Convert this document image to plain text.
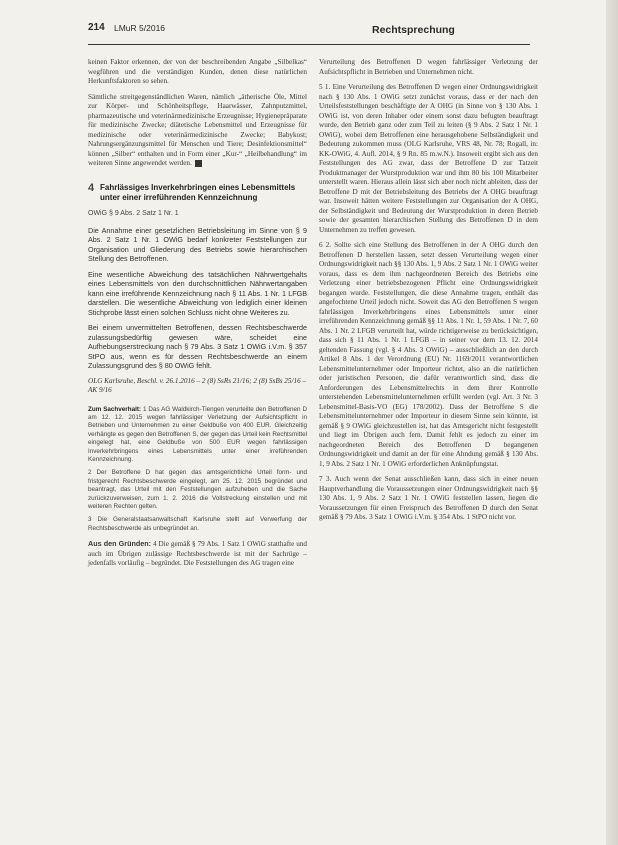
214 LMuR 5/2016	Rechtsprechung

keinen Faktor erkennen, der von der beschreibenden Angabe „Silbelkas“ wegführen und die verständigen Kunden, denen diese natürlichen Herkunftsfaktoren so sehen.

Sämtliche streitgegenständlichen Waren, nämlich „ätherische Öle, Mittel zur Körper- und Schönheitspflege, Haarwässer, Zahnputzmittel, pharmazeutische und veterinärmedizinische Erzeugnisse; Hygienepräparate für medizinische Zwecke; diätetische Lebensmittel und Erzeugnisse für medizinische oder veterinärmedizinische Zwecke; Babykost; Nahrungsergänzungsmittel für Menschen und Tiere; Desinfektionsmittel“ können „Silber“ enthalten und in Form einer „Kur-“ „Heilbehandlung“ im weiteren Sinne angewendet werden.

4 Fahrlässiges Inverkehrbringen eines Lebensmittels unter einer irreführenden Kennzeichnung
OWiG § 9 Abs. 2 Satz 1 Nr. 1
Die Annahme einer gesetzlichen Betriebsleitung im Sinne von § 9 Abs. 2 Satz 1 Nr. 1 OWiG bedarf konkreter Feststellungen zur Organisation und Gliederung des Betriebs sowie hierarchischen Stellung des Betroffenen.
Eine wesentliche Abweichung des tatsächlichen Nährwertgehalts eines Lebensmittels von den durchschnittlichen Nährwertangaben kann eine irreführende Kennzeichnung nach § 11 Abs. 1 Nr. 1 LFGB darstellen. Die wesentliche Abweichung von lediglich einer kleinen Stichprobe lässt einen solchen Schluss nicht ohne Weiteres zu.
Bei einem unvermittelten Betroffenen, dessen Rechtsbeschwerde zulassungsbedürftig gewesen wäre, scheidet eine Aufhebungserstreckung nach § 79 Abs. 3 Satz 1 OWiG i.V.m. § 357 StPO aus, wenn es für dessen Rechtsbeschwerde an einem Zulassungsgrund des § 80 OWiG fehlt.
OLG Karlsruhe, Beschl. v. 26.1.2016 – 2 (8) SsRs 21/16; 2 (8) SsBs 25/16 – AK 9/16
Zum Sachverhalt: 1 Das AG Waldkirch-Tiengen verurteilte den Betroffenen D am 12. 12. 2015 wegen fahrlässiger Verletzung der Aufsichtspflicht in Betrieben und Unternehmen zu einer Geldbuße von 400 EUR. Gleichzeitig verhängte es gegen den Betroffenen S, der gegen das Urteil kein Rechtsmittel eingelegt hat, eine Geldbuße von 500 EUR wegen fahrlässigen Inverkehrbringens eines Lebensmittels unter einer irreführenden Kennzeichnung.
2 Der Betroffene D hat gegen das amtsgerichtliche Urteil form- und fristgerecht Rechtsbeschwerde eingelegt, am 25. 12. 2015 begründet und beantragt, das Urteil mit den Feststellungen aufzuheben und die Sache zurückzuverweisen, zum 1. 2. 2016 die Vollstreckung einstellen und mit weiteren Rechten gelten.
3 Die Generalstaatsanwaltschaft Karlsruhe stellt auf Verwerfung der Rechtsbeschwerde als unbegründet an.

Aus den Gründen: 4 Die gemäß § 79 Abs. 1 Satz 1 OWiG statthafte und auch im Übrigen zulässige Rechtsbeschwerde ist mit der Sachrüge – jedenfalls vorläufig – begründet. Die Feststellungen des AG tragen eine

Verurteilung des Betroffenen D wegen fahrlässiger Verletzung der Aufsichtspflicht in Betrieben und Unternehmen nicht.

5 1. Eine Verurteilung des Betroffenen D wegen einer Ordnungswidrigkeit nach § 130 Abs. 1 OWiG setzt zunächst voraus, dass er der nach den Urteilsfeststellungen beschäftigte der A OHG (in Sinne von § 130 Abs. 1 OWiG ist, von deren Inhaber oder einem sonst dazu befugten beauftragt wurde, den Betrieb ganz oder zum Teil zu leiten (§ 9 Abs. 2 Satz 1 Nr. 1 OWiG), wobei dem Betroffenen eine herausgehobene Selbständigkeit und Bedeutung zukommen muss (OLG Karlsruhe, VRS 48, Nr. 78; Rogall, in: KK-OWiG, 4. Aufl. 2014, § 9 Rn. 85 m.w.N.). Insoweit ergibt sich aus den Feststellungen des AG zwar, dass der Betroffene D zur Tatzeit Produktmanager der Wurstproduktion war und ihm 80 bis 100 Mitarbeiter unterstellt waren. Hieraus allein lässt sich aber noch nicht ableiten, dass der Betroffene D mit der Betriebsleitung des Betriebs der A OHG beauftragt war. Insoweit hätten weitere Feststellungen zur Organisation der A OHG, der Selbständigkeit und Bedeutung der Wurstproduktion in deren Betrieb sowie der gesamten hierarchischen Stellung des Betroffenen D in dem Unternehmen zu treffen gewesen.

6 2. Sollte sich eine Stellung des Betroffenen in der A OHG durch den Betroffenen D herstellen lassen, setzt dessen Verurteilung wegen einer Ordnungswidrigkeit nach §§ 130 Abs. 1, 9 Abs. 2 Satz 1 Nr. 1 OWiG weiter voraus, dass es dem ihm nachgeordneten Bereich des Betriebs eine Verletzung einer betriebsbezogenen Pflicht eine Ordnungswidrigkeit begangen wurde. Feststellungen, die diese Annahme tragen, enthält das angefochtene Urteil jedoch nicht. Soweit das AG den Betroffenen S wegen fahrlässigen Inverkehrbringens eines Lebensmittels unter einer irreführenden Kennzeichnung gemäß §§ 11 Abs. 1 Nr. 1, 59 Abs. 1 Nr. 7, 60 Abs. 1 Nr. 2 LFGB verurteilt hat, würde richtigerweise zu berücksichtigen, dass sich § 11 Abs. 1 Nr. 1 LFGB – in seiner vor dem 13. 12. 2014 geltenden Fassung (vgl. § 4 Abs. 3 OWiG) – ausschließlich an den durch Artikel 8 Abs. 1 der Verordnung (EU) Nr. 1169/2011 verantwortlichen Lebensmittelunternehmer oder Importeur richtet, also an die natürlichen oder juristischen Personen, die dafür verantwortlich sind, dass die Anforderungen des Lebensmittelrechts in dem ihrer Kontrolle unterstehenden Lebensmittelunternehmen erfüllt werden (vgl. Art. 3 Nr. 3 Lebensmittel-Basis-VO (EG) 178/2002). Dass der Betroffene S die Lebensmittelunternehmer oder Importeur in diesem Sinne sein könnte, ist gemäß § 9 OWiG gleichzustellen ist, hat das Amtsgericht nicht festgestellt und liegt im Übrigen auch fern. Damit fehlt es jedoch zu einer im nachgeordneten Bereich des Betroffenen D begangenen Ordnungswidrigkeit und damit an der für eine Ahndung gemäß § 130 Abs. 1, 9 Abs. 2 Satz 1 Nr. 1 OWiG erforderlichen Anknüpfungstat.

7 3. Auch wenn der Senat ausschließen kann, dass sich in einer neuen Hauptverhandlung die Voraussetzungen einer Ordnungswidrigkeit nach §§ 130 Abs. 1, 9 Abs. 2 Satz 1 Nr. 1 OWiG feststellen lassen, liegen die Voraussetzungen für einen Freispruch des Betroffenen D durch den Senat gemäß § 79 Abs. 3 Satz 1 OWiG i.V.m. § 354 Abs. 1 StPO nicht vor.
